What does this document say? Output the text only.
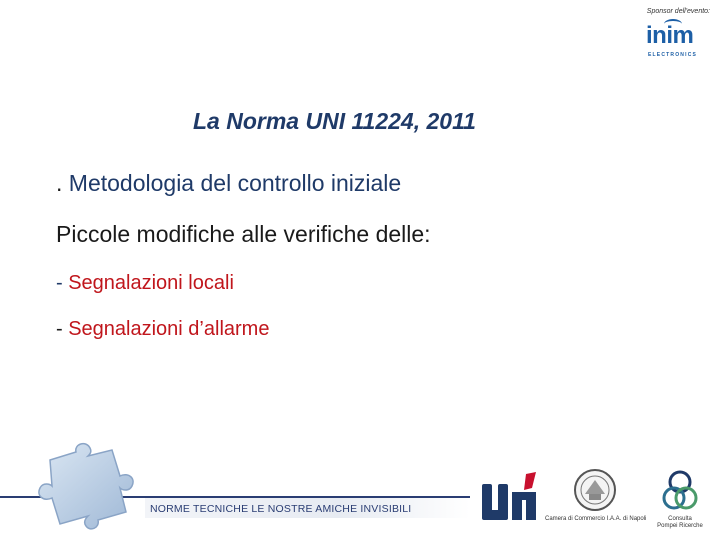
Sponsor dell'evento:
inim
ELECTRONICS
La Norma UNI 11224, 2011
. Metodologia del controllo iniziale
Piccole modifiche alle verifiche delle:
- Segnalazioni locali
- Segnalazioni d’allarme
NORME TECNICHE LE NOSTRE AMICHE INVISIBILI
Camera di Commercio I.A.A. di Napoli	Consulta
Pompei Ricerche
